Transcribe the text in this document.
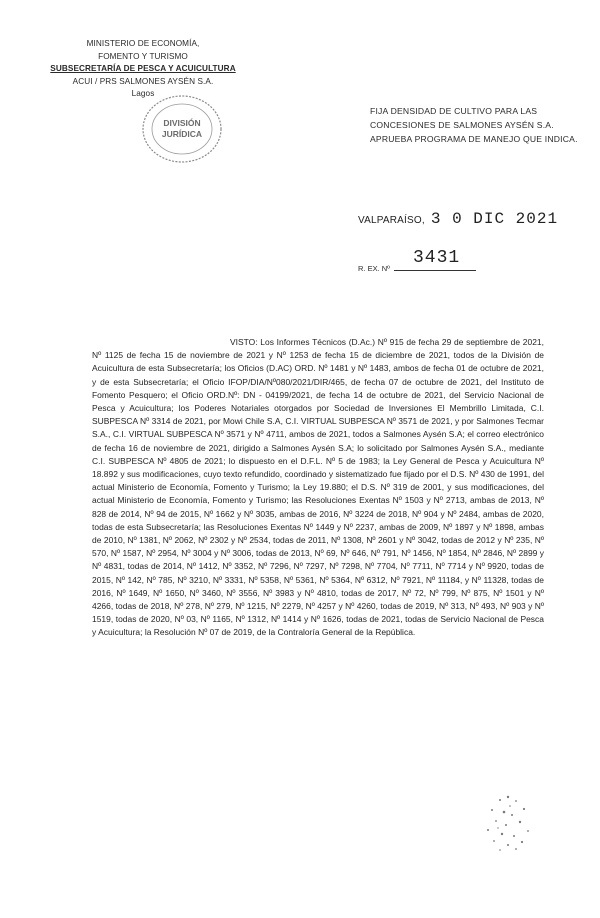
MINISTERIO DE ECONOMÍA,
FOMENTO Y TURISMO
SUBSECRETARÍA DE PESCA Y ACUICULTURA
ACUI / PRS SALMONES AYSÉN S.A.
Lagos
DIVISIÓN
JURÍDICA
FIJA DENSIDAD DE CULTIVO PARA LAS CONCESIONES DE SALMONES AYSÉN S.A. APRUEBA PROGRAMA DE MANEJO QUE INDICA.
VALPARAÍSO, 3 0 DIC 2021
R. EX. Nº
3431

VISTO: Los Informes Técnicos (D.Ac.) Nº 915 de fecha 29 de septiembre de 2021, Nº 1125 de fecha 15 de noviembre de 2021 y Nº 1253 de fecha 15 de diciembre de 2021, todos de la División de Acuicultura de esta Subsecretaría; los Oficios (D.AC) ORD. Nº 1481 y Nº 1483, ambos de fecha 01 de octubre de 2021, y de esta Subsecretaría; el Oficio IFOP/DIA/Nº080/2021/DIR/465, de fecha 07 de octubre de 2021, del Instituto de Fomento Pesquero; el Oficio ORD.Nº: DN - 04199/2021, de fecha 14 de octubre de 2021, del Servicio Nacional de Pesca y Acuicultura; los Poderes Notariales otorgados por Sociedad de Inversiones El Membrillo Limitada, C.I. SUBPESCA Nº 3314 de 2021, por Mowi Chile S.A, C.I. VIRTUAL SUBPESCA Nº 3571 de 2021, y por Salmones Tecmar S.A., C.I. VIRTUAL SUBPESCA Nº 3571 y Nº 4711, ambos de 2021, todos a Salmones Aysén S.A; el correo electrónico de fecha 16 de noviembre de 2021, dirigido a Salmones Aysén S.A; lo solicitado por Salmones Aysén S.A., mediante C.I. SUBPESCA Nº 4805 de 2021; lo dispuesto en el D.F.L. Nº 5 de 1983; la Ley General de Pesca y Acuicultura Nº 18.892 y sus modificaciones, cuyo texto refundido, coordinado y sistematizado fue fijado por el D.S. Nº 430 de 1991, del actual Ministerio de Economía, Fomento y Turismo; la Ley 19.880; el D.S. Nº 319 de 2001, y sus modificaciones, del actual Ministerio de Economía, Fomento y Turismo; las Resoluciones Exentas Nº 1503 y Nº 2713, ambas de 2013, Nº 828 de 2014, Nº 94 de 2015, Nº 1662 y Nº 3035, ambas de 2016, Nº 3224 de 2018, Nº 904 y Nº 2484, ambas de 2020, todas de esta Subsecretaría; las Resoluciones Exentas Nº 1449 y Nº 2237, ambas de 2009, Nº 1897 y Nº 1898, ambas de 2010, Nº 1381, Nº 2062, Nº 2302 y Nº 2534, todas de 2011, Nº 1308, Nº 2601 y Nº 3042, todas de 2012 y Nº 235, Nº 570, Nº 1587, Nº 2954, Nº 3004 y Nº 3006, todas de 2013, Nº 69, Nº 646, Nº 791, Nº 1456, Nº 1854, Nº 2846, Nº 2899 y Nº 4831, todas de 2014, Nº 1412, Nº 3352, Nº 7296, Nº 7297, Nº 7298, Nº 7704, Nº 7711, Nº 7714 y Nº 9920, todas de 2015, Nº 142, Nº 785, Nº 3210, Nº 3331, Nº 5358, Nº 5361, Nº 5364, Nº 6312, Nº 7921, Nº 11184, y Nº 11328, todas de 2016, Nº 1649, Nº 1650, Nº 3460, Nº 3556, Nº 3983 y Nº 4810, todas de 2017, Nº 72, Nº 799, Nº 875, Nº 1501 y Nº 4266, todas de 2018, Nº 278, Nº 279, Nº 1215, Nº 2279, Nº 4257 y Nº 4260, todas de 2019, Nº 313, Nº 493, Nº 903 y Nº 1519, todas de 2020, Nº 03, Nº 1165, Nº 1312, Nº 1414 y Nº 1626, todas de 2021, todas de Servicio Nacional de Pesca y Acuicultura; la Resolución Nº 07 de 2019, de la Contraloría General de la República.
